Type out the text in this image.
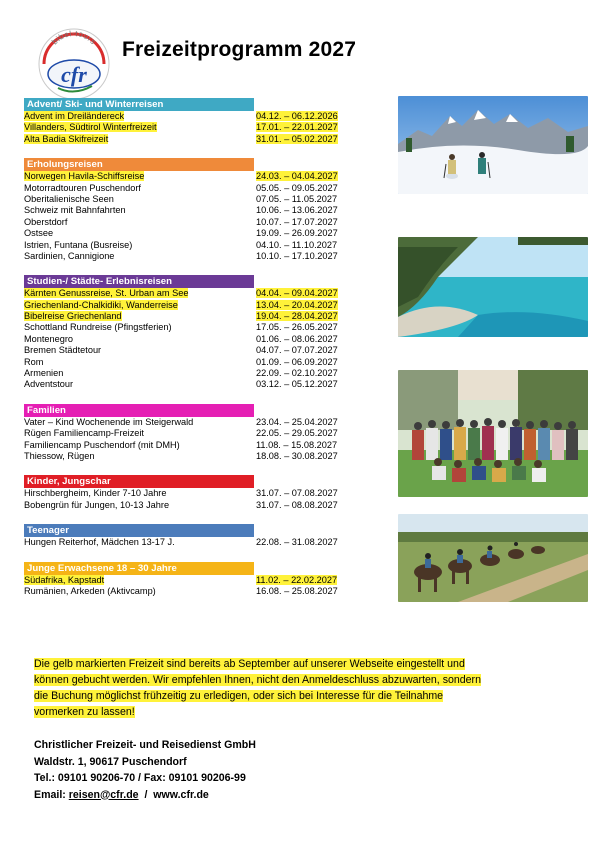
bibel-tours
cfr
Freizeitprogramm 2027
Advent/ Ski- und Winterreisen
Advent im Dreiländereck	04.12. – 06.12.2026
Villanders, Südtirol Winterfreizeit	17.01. – 22.01.2027
Alta Badia Skifreizeit	31.01. – 05.02.2027
Erholungsreisen
Norwegen Havila-Schiffsreise	24.03. – 04.04.2027
Motorradtouren Puschendorf	05.05. – 09.05.2027
Oberitalienische Seen	07.05. – 11.05.2027
Schweiz mit Bahnfahrten	10.06. – 13.06.2027
Oberstdorf	10.07. – 17.07.2027
Ostsee	19.09. – 26.09.2027
Istrien, Funtana (Busreise)	04.10. – 11.10.2027
Sardinien, Cannigione	10.10. – 17.10.2027
Studien-/ Städte- Erlebnisreisen
Kärnten Genussreise, St. Urban am See	04.04. – 09.04.2027
Griechenland-Chalkidiki, Wanderreise	13.04. – 20.04.2027
Bibelreise Griechenland	19.04. – 28.04.2027
Schottland Rundreise (Pfingstferien)	17.05. – 26.05.2027
Montenegro	01.06. – 08.06.2027
Bremen Städtetour	04.07. – 07.07.2027
Rom	01.09. – 06.09.2027
Armenien	22.09. – 02.10.2027
Adventstour	03.12. – 05.12.2027
Familien
Vater – Kind Wochenende im Steigerwald	23.04. – 25.04.2027
Rügen Familiencamp-Freizeit	22.05. – 29.05.2027
Familiencamp Puschendorf (mit DMH)	11.08. – 15.08.2027
Thiessow, Rügen	18.08. – 30.08.2027
Kinder, Jungschar
Hirschbergheim, Kinder 7-10 Jahre	31.07. – 07.08.2027
Bobengrün für Jungen, 10-13 Jahre	31.07. – 08.08.2027
Teenager
Hungen Reiterhof, Mädchen 13-17 J.	22.08. – 31.08.2027
Junge Erwachsene 18 – 30 Jahre
Südafrika, Kapstadt	11.02. – 22.02.2027
Rumänien, Arkeden (Aktivcamp)	16.08. – 25.08.2027
Die gelb markierten Freizeit sind bereits ab September auf unserer Webseite eingestellt und
können gebucht werden. Wir empfehlen Ihnen, nicht den Anmeldeschluss abzuwarten, sondern
die Buchung möglichst frühzeitig zu erledigen, oder sich bei Interesse für die Teilnahme
vormerken zu lassen!
Christlicher Freizeit- und Reisedienst GmbH
Waldstr. 1, 90617 Puschendorf
Tel.: 09101 90206-70 / Fax: 09101 90206-99
Email: reisen@cfr.de  /  www.cfr.de
